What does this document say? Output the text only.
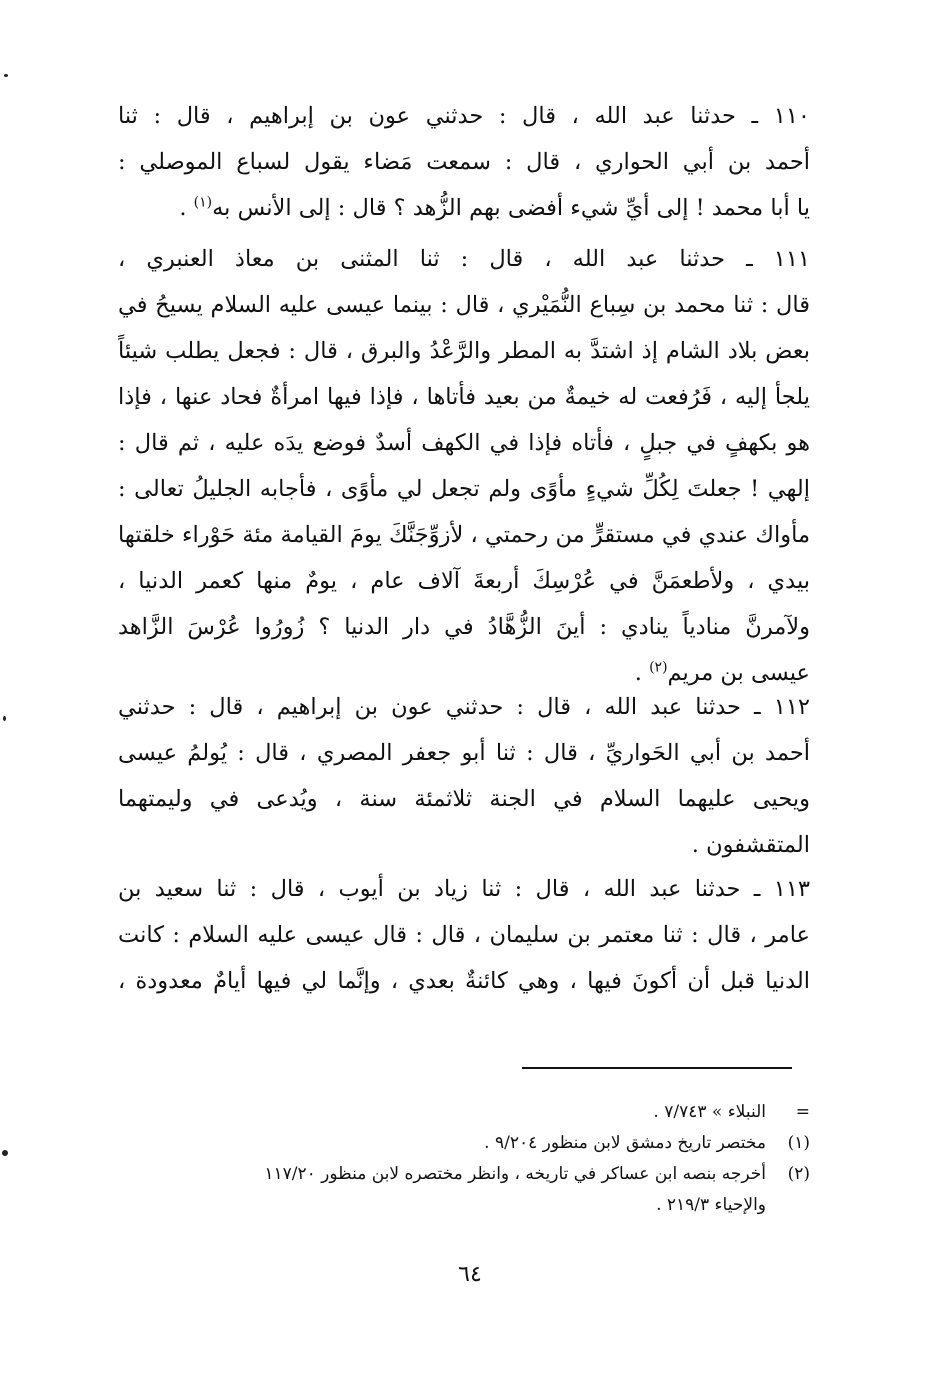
١١٠ ـ حدثنا عبد الله ، قال : حدثني عون بن إبراهيم ، قال : ثنا
أحمد بن أبي الحواري ، قال : سمعت مَضاء يقول لسباع الموصلي :
يا أبا محمد ! إلى أيِّ شيء أفضى بهم الزُّهد ؟ قال : إلى الأنس به$^{(١)}$ .
١١١ ـ حدثنا عبد الله ، قال : ثنا المثنى بن معاذ العنبري ،
قال : ثنا محمد بن سِباع النُّمَيْري ، قال : بينما عيسى عليه السلام يسيحُ في
بعض بلاد الشام إذ اشتدَّ به المطر والرَّعْدُ والبرق ، قال : فجعل يطلب شيئاً
يلجأ إليه ، فَرُفعت له خيمةٌ من بعيد فأتاها ، فإذا فيها امرأةٌ فحاد عنها ، فإذا
هو بكهفٍ في جبلٍ ، فأتاه فإذا في الكهف أسدٌ فوضع يدَه عليه ، ثم قال :
إلهي ! جعلتَ لِكُلِّ شيءٍ مأوًى ولم تجعل لي مأوًى ، فأجابه الجليلُ تعالى :
مأواك عندي في مستقرٍّ من رحمتي ، لأزوِّجَنَّكَ يومَ القيامة مئة حَوْراء خلقتها
بيدي ، ولأطعمَنَّ في عُرْسِكَ أربعةَ آلاف عام ، يومٌ منها كعمر الدنيا ،
ولآمرنَّ منادياً ينادي : أينَ الزُّهَّادُ في دار الدنيا ؟ زُورُوا عُرْسَ الزَّاهد
عيسى بن مريم$^{(٢)}$ .
١١٢ ـ حدثنا عبد الله ، قال : حدثني عون بن إبراهيم ، قال : حدثني
أحمد بن أبي الحَواريِّ ، قال : ثنا أبو جعفر المصري ، قال : يُولمُ عيسى
ويحيى عليهما السلام في الجنة ثلاثمئة سنة ، ويُدعى في وليمتهما
المتقشفون .
١١٣ ـ حدثنا عبد الله ، قال : ثنا زياد بن أيوب ، قال : ثنا سعيد بن
عامر ، قال : ثنا معتمر بن سليمان ، قال : قال عيسى عليه السلام : كانت
الدنيا قبل أن أكونَ فيها ، وهي كائنةٌ بعدي ، وإنَّما لي فيها أيامٌ معدودة ،
=
النبلاء » ٧/٧٤٣ .
(١)
مختصر تاريخ دمشق لابن منظور ٩/٢٠٤ .
(٢)
أخرجه بنصه ابن عساكر في تاريخه ، وانظر مختصره لابن منظور ١١٧/٢٠
والإحياء ٢١٩/٣ .
٦٤
